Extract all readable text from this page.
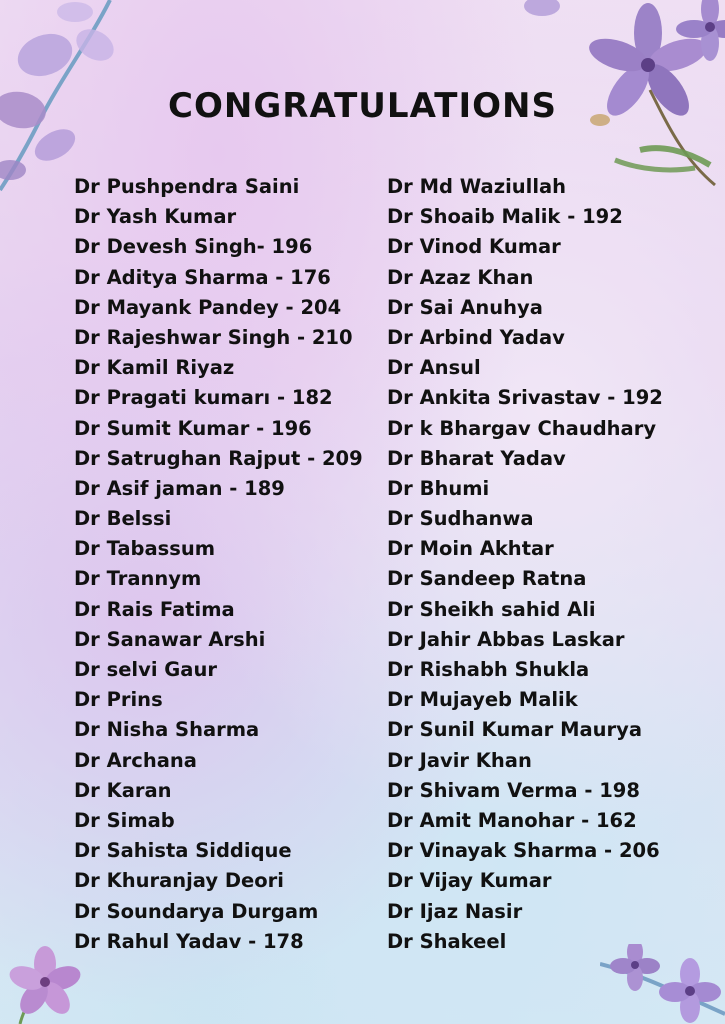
CONGRATULATIONS
Dr Pushpendra Saini
Dr Yash Kumar
Dr Devesh Singh- 196
Dr Aditya Sharma - 176
Dr Mayank Pandey - 204
Dr Rajeshwar Singh - 210
Dr Kamil Riyaz
Dr Pragati kumarı - 182
Dr Sumit Kumar - 196
Dr Satrughan Rajput - 209
Dr Asif jaman - 189
Dr Belssi
Dr Tabassum
Dr Trannym
Dr Rais Fatima
Dr Sanawar Arshi
Dr selvi Gaur
Dr Prins
Dr Nisha Sharma
Dr Archana
Dr Karan
Dr Simab
Dr Sahista Siddique
Dr Khuranjay Deori
Dr Soundarya Durgam
Dr Rahul Yadav - 178
Dr Md Waziullah
Dr Shoaib Malik - 192
Dr Vinod Kumar
Dr Azaz Khan
Dr Sai Anuhya
Dr Arbind Yadav
Dr Ansul
Dr Ankita Srivastav - 192
Dr k Bhargav Chaudhary
Dr Bharat Yadav
Dr Bhumi
Dr Sudhanwa
Dr Moin Akhtar
Dr Sandeep Ratna
Dr Sheikh sahid Ali
Dr Jahir Abbas Laskar
Dr Rishabh Shukla
Dr Mujayeb Malik
Dr Sunil Kumar Maurya
Dr Javir Khan
Dr Shivam Verma - 198
Dr Amit Manohar - 162
Dr Vinayak Sharma - 206
Dr Vijay Kumar
Dr Ijaz Nasir
Dr Shakeel
